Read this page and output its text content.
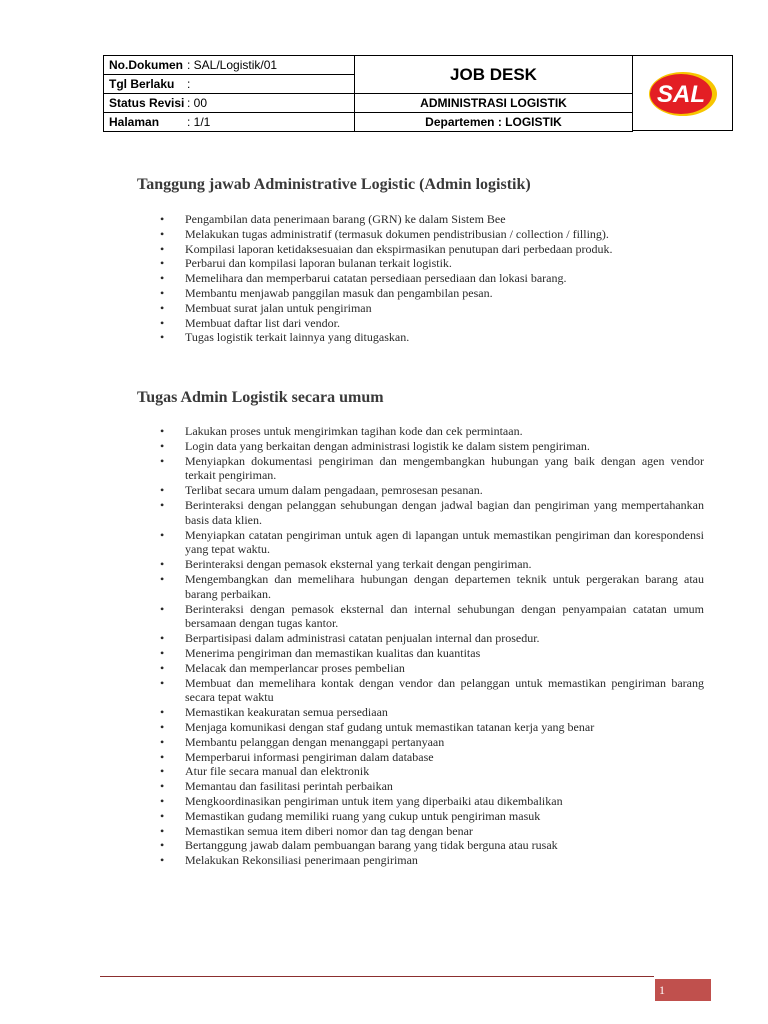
No.Dokumen : SAL/Logistik/01	JOB DESK
Tgl Berlaku :	
Status Revisi : 00	ADMINISTRASI LOGISTIK
Halaman : 1/1	Departemen : LOGISTIK
SAL
Tanggung jawab Administrative Logistic (Admin logistik)
• Pengambilan data penerimaan barang (GRN) ke dalam Sistem Bee
• Melakukan tugas administratif (termasuk dokumen pendistribusian / collection / filling).
• Kompilasi laporan ketidaksesuaian dan ekspirmasikan penutupan dari perbedaan produk.
• Perbarui dan kompilasi laporan bulanan terkait logistik.
• Memelihara dan memperbarui catatan persediaan persediaan dan lokasi barang.
• Membantu menjawab panggilan masuk dan pengambilan pesan.
• Membuat surat jalan untuk pengiriman
• Membuat daftar list dari vendor.
• Tugas logistik terkait lainnya yang ditugaskan.
Tugas Admin Logistik secara umum
• Lakukan proses untuk mengirimkan tagihan kode dan cek permintaan.
• Login data yang berkaitan dengan administrasi logistik ke dalam sistem pengiriman.
• Menyiapkan dokumentasi pengiriman dan mengembangkan hubungan yang baik dengan agen vendor terkait pengiriman.
• Terlibat secara umum dalam pengadaan, pemrosesan pesanan.
• Berinteraksi dengan pelanggan sehubungan dengan jadwal bagian dan pengiriman yang mempertahankan basis data klien.
• Menyiapkan catatan pengiriman untuk agen di lapangan untuk memastikan pengiriman dan korespondensi yang tepat waktu.
• Berinteraksi dengan pemasok eksternal yang terkait dengan pengiriman.
• Mengembangkan dan memelihara hubungan dengan departemen teknik untuk pergerakan barang atau barang perbaikan.
• Berinteraksi dengan pemasok eksternal dan internal sehubungan dengan penyampaian catatan umum bersamaan dengan tugas kantor.
• Berpartisipasi dalam administrasi catatan penjualan internal dan prosedur.
• Menerima pengiriman dan memastikan kualitas dan kuantitas
• Melacak dan memperlancar proses pembelian
• Membuat dan memelihara kontak dengan vendor dan pelanggan untuk memastikan pengiriman barang secara tepat waktu
• Memastikan keakuratan semua persediaan
• Menjaga komunikasi dengan staf gudang untuk memastikan tatanan kerja yang benar
• Membantu pelanggan dengan menanggapi pertanyaan
• Memperbarui informasi pengiriman dalam database
• Atur file secara manual dan elektronik
• Memantau dan fasilitasi perintah perbaikan
• Mengkoordinasikan pengiriman untuk item yang diperbaiki atau dikembalikan
• Memastikan gudang memiliki ruang yang cukup untuk pengiriman masuk
• Memastikan semua item diberi nomor dan tag dengan benar
• Bertanggung jawab dalam pembuangan barang yang tidak berguna atau rusak
• Melakukan Rekonsiliasi penerimaan pengiriman
1
